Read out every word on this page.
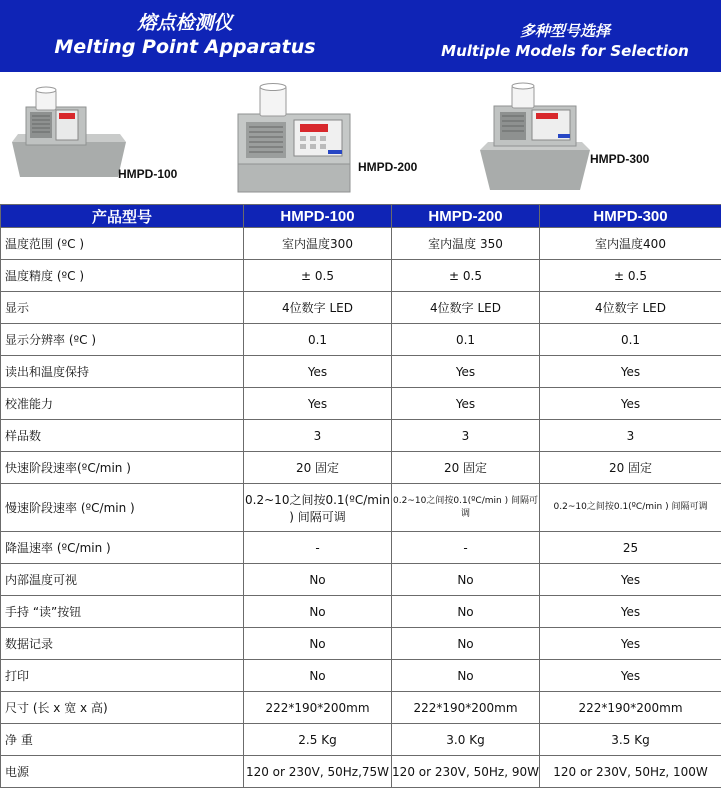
熔点检测仪
Melting Point Apparatus
多种型号选择
Multiple Models for Selection
HMPD-100	HMPD-200
HMPD-300
产品型号	HMPD-100	HMPD-200	HMPD-300
温度范围 (ºC )	室内温度300	室内温度 350	室内温度400
温度精度 (ºC )	± 0.5	± 0.5	± 0.5
显示	4位数字 LED	4位数字 LED	4位数字 LED
显示分辨率 (ºC )	0.1	0.1	0.1
读出和温度保持	Yes	Yes	Yes
校准能力	Yes	Yes	Yes
样品数	3	3	3
快速阶段速率(ºC/min )	20 固定	20 固定	20 固定
慢速阶段速率 (ºC/min )	0.2~10之间按0.1(ºC/min ) 间隔可调	0.2~10之间按0.1(ºC/min ) 间隔可调	0.2~10之间按0.1(ºC/min ) 间隔可调
降温速率 (ºC/min )	-	-	25
内部温度可视	No	No	Yes
手持 “读”按钮	No	No	Yes
数据记录	No	No	Yes
打印	No	No	Yes
尺寸 (长 x 宽 x 高)	222*190*200mm	222*190*200mm	222*190*200mm
净 重	2.5 Kg	3.0 Kg	3.5 Kg
电源	120 or 230V, 50Hz,75W	120 or 230V, 50Hz, 90W	120 or 230V, 50Hz, 100W
